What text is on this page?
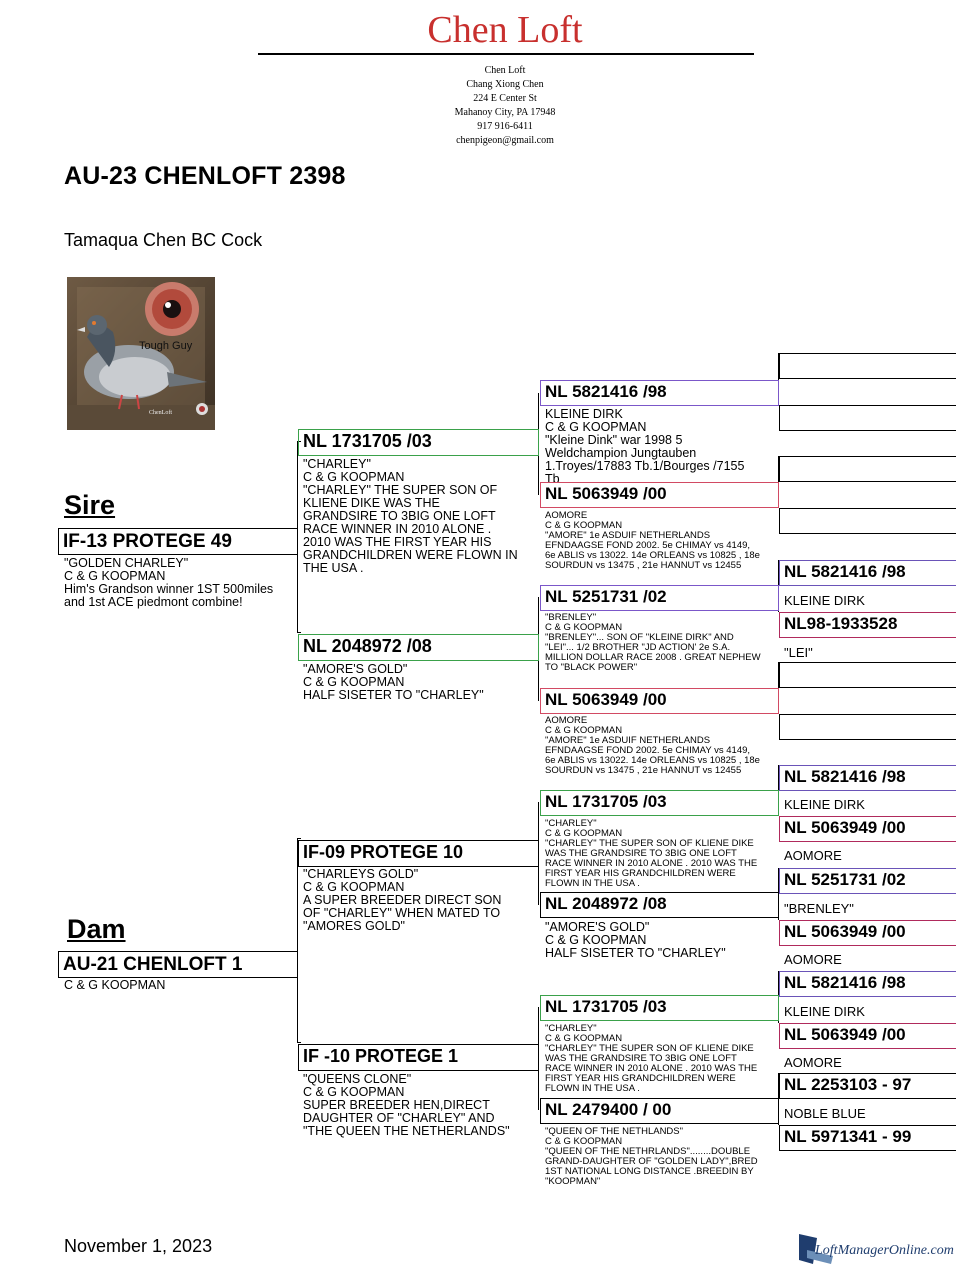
Chen Loft
Chen Loft
Chang Xiong Chen
224 E Center St
Mahanoy City, PA 17948
917 916-6411
chenpigeon@gmail.com
AU-23 CHENLOFT 2398
Tamaqua Chen BC Cock
Tough Guy
ChenLoft
Sire
IF-13 PROTEGE 49
"GOLDEN CHARLEY"
C & G KOOPMAN
Him's Grandson winner 1ST 500miles
and 1st ACE piedmont combine!
Dam
AU-21 CHENLOFT 1
C & G KOOPMAN
NL 1731705 /03
"CHARLEY"
C & G KOOPMAN
"CHARLEY" THE SUPER SON OF
KLIENE DIKE WAS THE
GRANDSIRE TO 3BIG ONE LOFT
RACE WINNER IN 2010 ALONE .
2010 WAS THE FIRST YEAR HIS
GRANDCHILDREN WERE FLOWN IN
THE USA .
NL 2048972 /08
"AMORE'S GOLD"
C & G KOOPMAN
HALF SISETER TO "CHARLEY"
IF-09 PROTEGE 10
"CHARLEYS GOLD"
C & G KOOPMAN
A SUPER BREEDER DIRECT SON
OF "CHARLEY" WHEN MATED TO
"AMORES GOLD"
IF -10 PROTEGE 1
"QUEENS CLONE"
C & G KOOPMAN
SUPER BREEDER HEN,DIRECT
DAUGHTER OF "CHARLEY" AND
"THE QUEEN THE NETHERLANDS"
NL 5821416 /98
KLEINE DIRK
C & G KOOPMAN
"Kleine Dink" war 1998 5
Weldchampion Jungtauben
1.Troyes/17883 Tb.1/Bourges /7155
Tb
NL 5063949 /00
AOMORE
C & G KOOPMAN
"AMORE" 1e ASDUIF NETHERLANDS
EFNDAAGSE FOND 2002. 5e CHIMAY vs 4149,
6e ABLIS vs 13022. 14e ORLEANS vs 10825 , 18e
SOURDUN vs 13475 , 21e HANNUT vs 12455
NL 5251731 /02
"BRENLEY"
C & G KOOPMAN
"BRENLEY"... SON OF "KLEINE DIRK" AND
"LEI"... 1/2 BROTHER "JD ACTION' 2e S.A.
MILLION DOLLAR RACE 2008 . GREAT NEPHEW
TO "BLACK POWER"
NL 5063949 /00
AOMORE
C & G KOOPMAN
"AMORE" 1e ASDUIF NETHERLANDS
EFNDAAGSE FOND 2002. 5e CHIMAY vs 4149,
6e ABLIS vs 13022. 14e ORLEANS vs 10825 , 18e
SOURDUN vs 13475 , 21e HANNUT vs 12455
NL 1731705 /03
"CHARLEY"
C & G KOOPMAN
"CHARLEY" THE SUPER SON OF KLIENE DIKE
WAS THE GRANDSIRE TO 3BIG ONE LOFT
RACE WINNER IN 2010 ALONE . 2010 WAS THE
FIRST YEAR HIS GRANDCHILDREN WERE
FLOWN IN THE USA .
NL 2048972 /08
"AMORE'S GOLD"
C & G KOOPMAN
HALF SISETER TO "CHARLEY"
NL 1731705 /03
"CHARLEY"
C & G KOOPMAN
"CHARLEY" THE SUPER SON OF KLIENE DIKE
WAS THE GRANDSIRE TO 3BIG ONE LOFT
RACE WINNER IN 2010 ALONE . 2010 WAS THE
FIRST YEAR HIS GRANDCHILDREN WERE
FLOWN IN THE USA .
NL 2479400 / 00
"QUEEN OF THE NETHLANDS"
C & G KOOPMAN
"QUEEN OF THE NETHRLANDS"........DOUBLE
GRAND-DAUGHTER OF "GOLDEN LADY",BRED
1ST NATIONAL LONG DISTANCE .BREEDIN BY
"KOOPMAN"
NL 5821416 /98
KLEINE DIRK
NL98-1933528
"LEI"
NL 5821416 /98
KLEINE DIRK
NL 5063949 /00
AOMORE
NL 5251731 /02
"BRENLEY"
NL 5063949 /00
AOMORE
NL 5821416 /98
KLEINE DIRK
NL 5063949 /00
AOMORE
NL 2253103 - 97
NOBLE BLUE
NL 5971341 - 99
November 1, 2023	LoftManagerOnline.com
